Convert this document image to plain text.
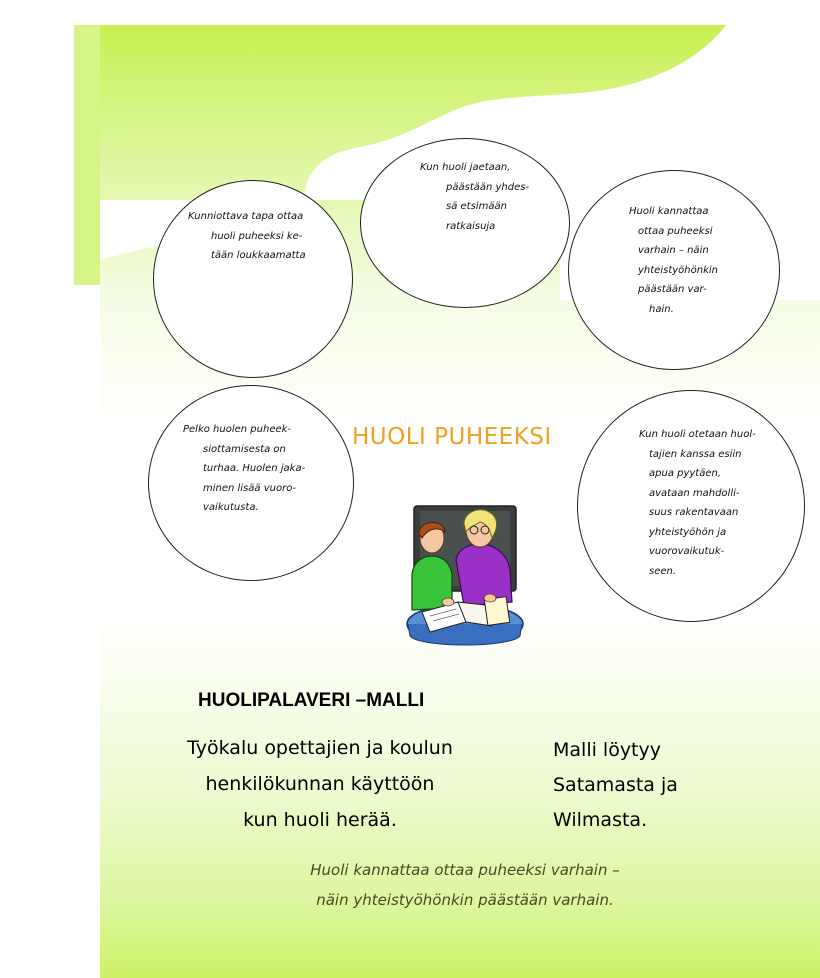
Kunniottava tapa ottaa
huoli puheeksi ke-
tään loukkaamatta
Kun huoli jaetaan,
päästään yhdes-
sä etsimään
ratkaisuja
Huoli kannattaa
ottaa puheeksi
varhain – näin
yhteistyöhönkin
päästään var-
hain.
Pelko huolen puheek-
siottamisesta on
turhaa. Huolen jaka-
minen lisää vuoro-
vaikutusta.
Kun huoli otetaan huol-
tajien kanssa esiin
apua pyytäen,
avataan mahdolli-
suus rakentavaan
yhteistyöhön ja
vuorovaikutuk-
seen.
HUOLI PUHEEKSI
HUOLIPALAVERI –MALLI
Työkalu opettajien ja koulun
henkilökunnan käyttöön
kun huoli herää.
Malli löytyy
Satamasta ja
Wilmasta.
Huoli kannattaa ottaa puheeksi varhain –
näin yhteistyöhönkin päästään varhain.
